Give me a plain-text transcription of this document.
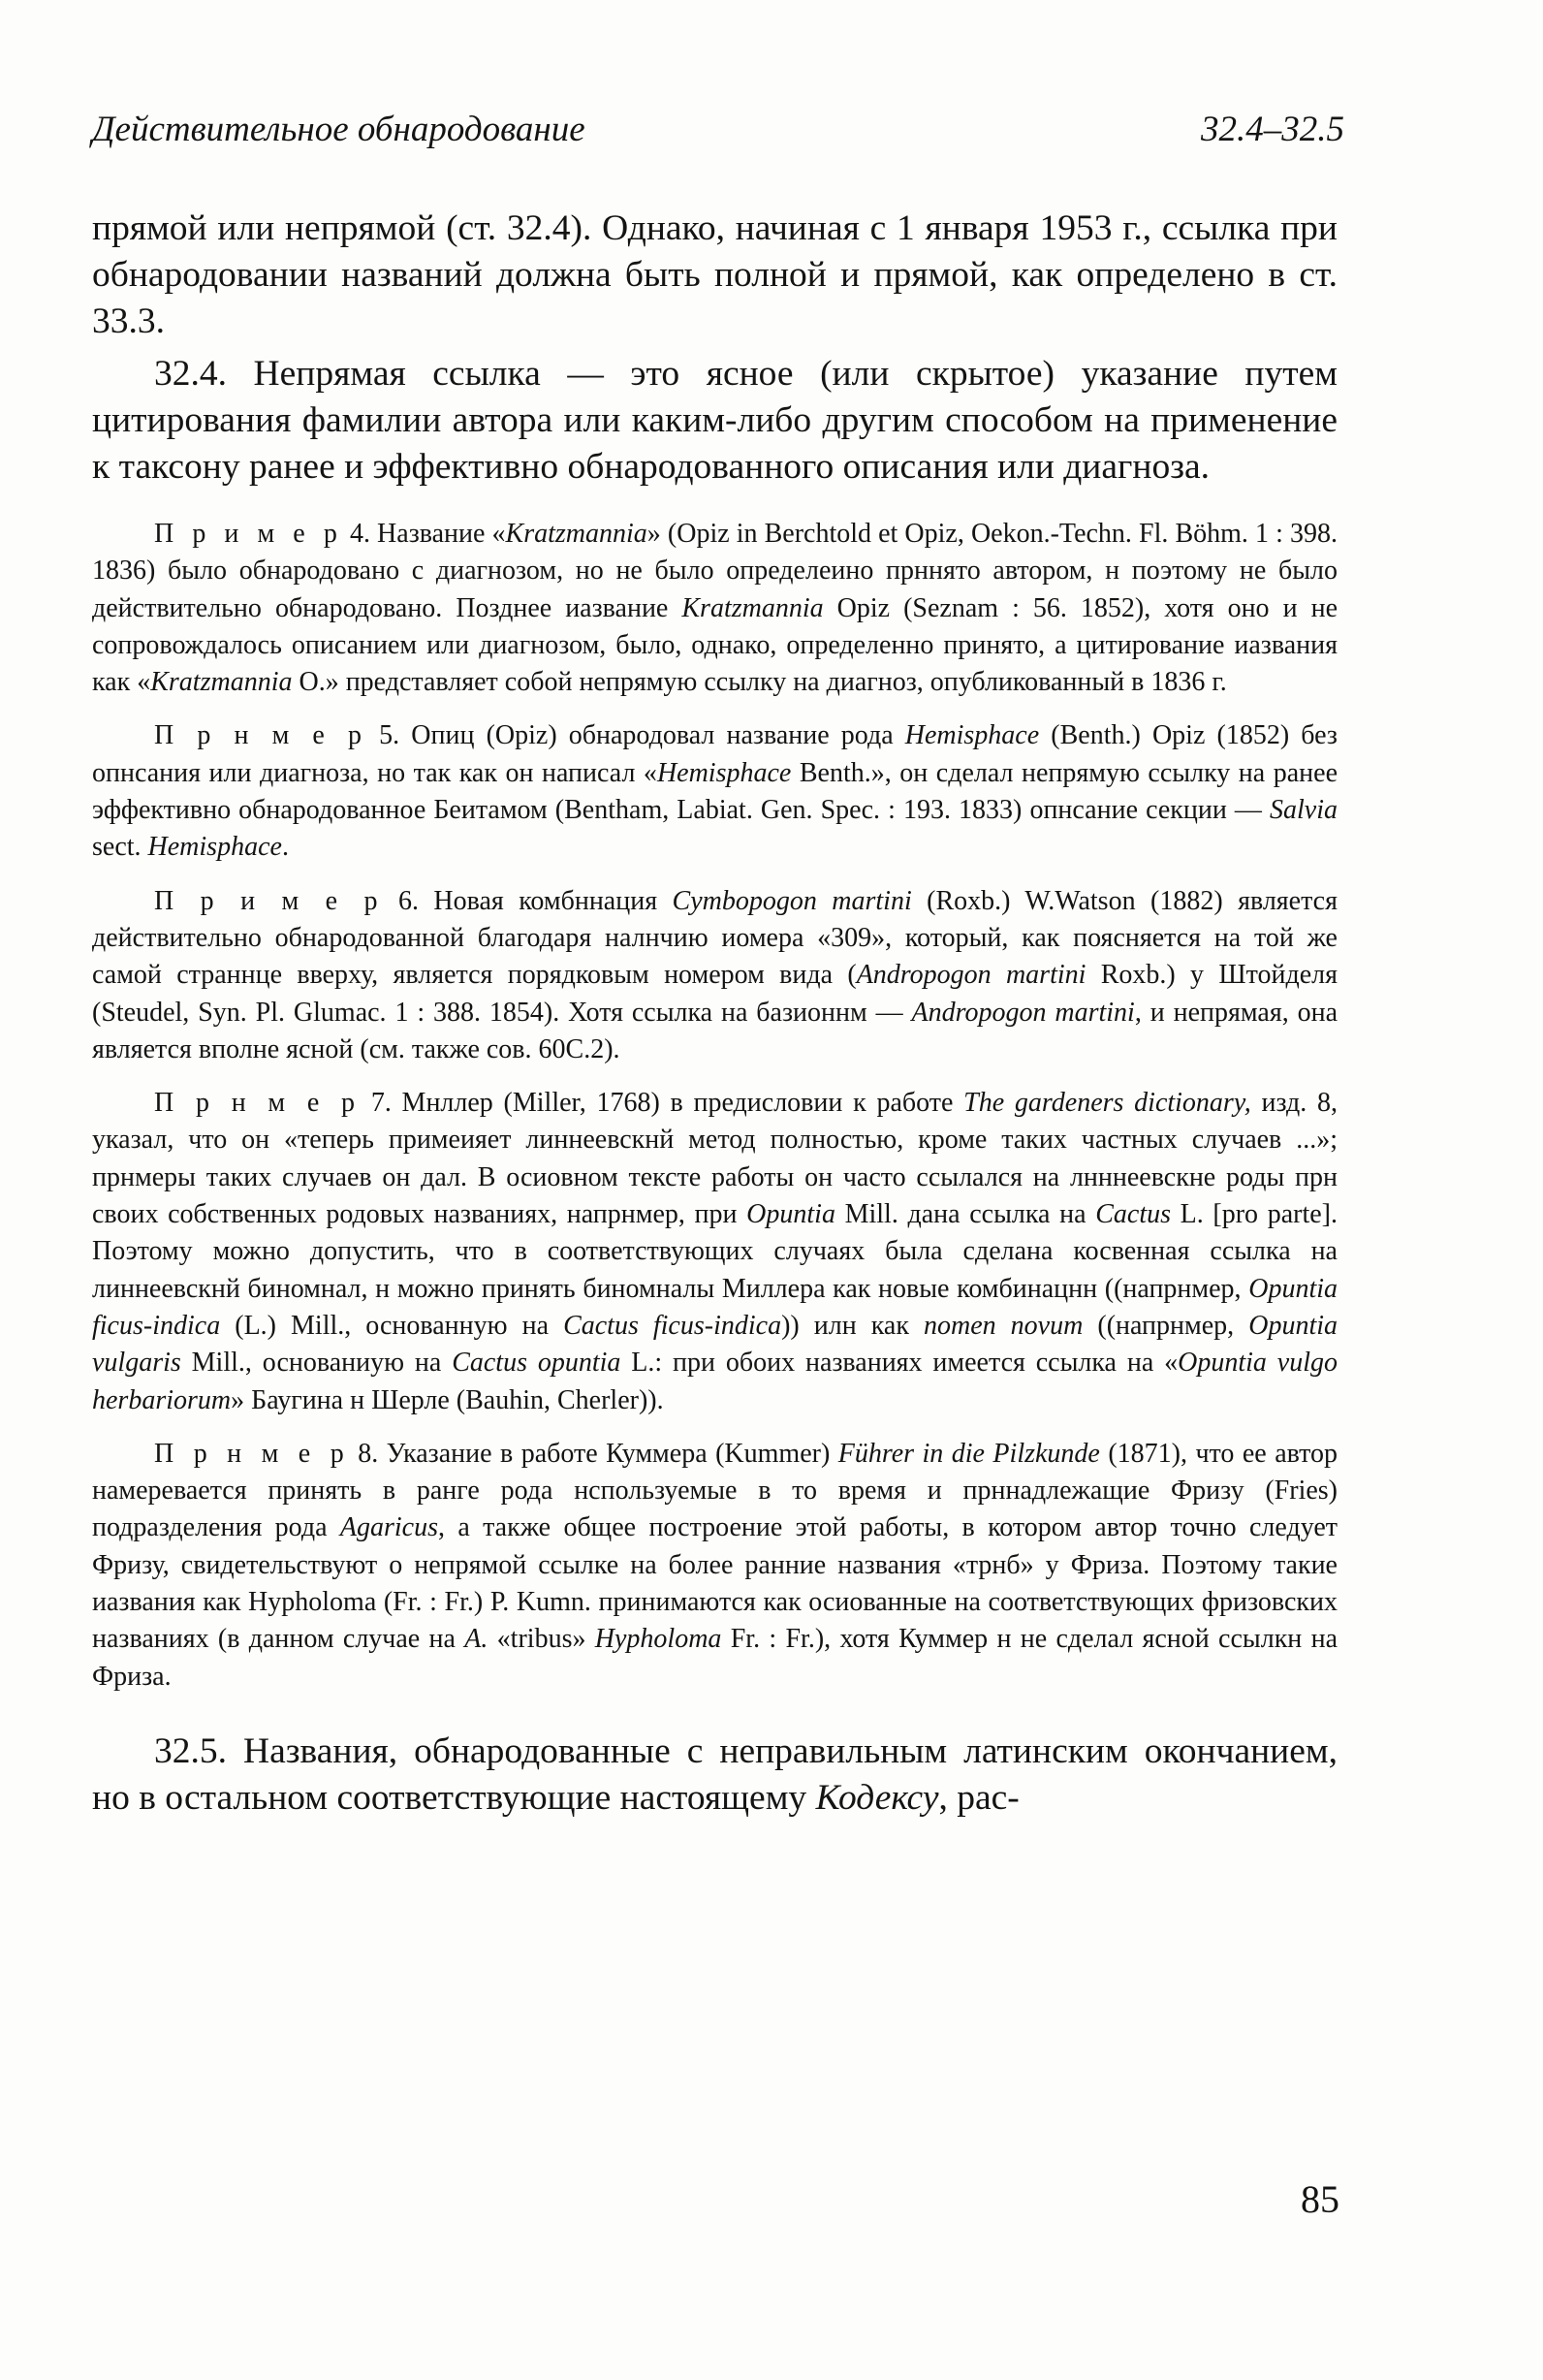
Действительное обнародование	32.4–32.5

прямой или непрямой (ст. 32.4). Однако, начиная с 1 января 1953 г., ссылка при обнародовании названий должна быть полной и прямой, как определено в ст. 33.3.

32.4. Непрямая ссылка — это ясное (или скрытое) указание путем цитирования фамилии автора или каким-либо другим способом на применение к таксону ранее и эффективно обнародованного описания или диагноза.

П р и м е р 4. Название «Kratzmannia» (Opiz in Berchtold et Opiz, Oekon.-Techn. Fl. Böhm. 1 : 398. 1836) было обнародовано с диагнозом, но не было определеино прннято автором, н поэтому не было действительно обнародовано. Позднее иазвание Kratzmannia Opiz (Seznam : 56. 1852), хотя оно и не сопровождалось описанием или диагнозом, было, однако, определенно принято, а цитирование иазвания как «Kratzmannia O.» представляет собой непрямую ссылку на диагноз, опубликованный в 1836 г.

П р н м е р 5. Опиц (Opiz) обнародовал название рода Hemisphace (Benth.) Opiz (1852) без опнсания или диагноза, но так как он написал «Hemisphace Benth.», он сделал непрямую ссылку на ранее эффективно обнародованное Беитамом (Bentham, Labiat. Gen. Spec. : 193. 1833) опнсание секции — Salvia sect. Hemisphace.

П р и м е р 6. Новая комбннация Cymbopogon martini (Roxb.) W.Watson (1882) является действительно обнародованной благодаря налнчию иомера «309», который, как поясняется на той же самой страннце вверху, является порядковым номером вида (Andropogon martini Roxb.) у Штойделя (Steudel, Syn. Pl. Glumac. 1 : 388. 1854). Хотя ссылка на базионнм — Andropogon martini, и непрямая, она является вполне ясной (см. также сов. 60C.2).

П р н м е р 7. Мнллер (Miller, 1768) в предисловии к работе The gardeners dictionary, изд. 8, указал, что он «теперь примеияет линнеевскнй метод полностью, кроме таких частных случаев ...»; прнмеры таких случаев он дал. В осиовном тексте работы он часто ссылался на лнннеевскне роды прн своих собственных родовых названиях, напрнмер, при Opuntia Mill. дана ссылка на Cactus L. [pro parte]. Поэтому можно допустить, что в соответствующих случаях была сделана косвенная ссылка на линнеевскнй биномнал, н можно принять биномналы Миллера как новые комбинацнн ((напрнмер, Opuntia ficus-indica (L.) Mill., основанную на Cactus ficus-indica)) илн как nomen novum ((напрнмер, Opuntia vulgaris Mill., основаниую на Cactus opuntia L.: при обоих названиях имеется ссылка на «Opuntia vulgo herbariorum» Баугина н Шерле (Bauhin, Cherler)).

П р н м е р 8. Указание в работе Куммера (Kummer) Führer in die Pilzkunde (1871), что ее автор намеревается принять в ранге рода нспользуемые в то время и прннадлежащие Фризу (Fries) подразделения рода Agaricus, а также общее построение этой работы, в котором автор точно следует Фризу, свидетельствуют о непрямой ссылке на более ранние названия «трнб» у Фриза. Поэтому такие иазвания как Hypholoma (Fr. : Fr.) P. Kumn. принимаются как осиованные на соответствующих фризовских названиях (в данном случае на A. «tribus» Hypholoma Fr. : Fr.), хотя Куммер н не сделал ясной ссылкн на Фриза.

32.5. Названия, обнародованные с неправильным латинским окончанием, но в остальном соответствующие настоящему Кодексу, рас-

85
